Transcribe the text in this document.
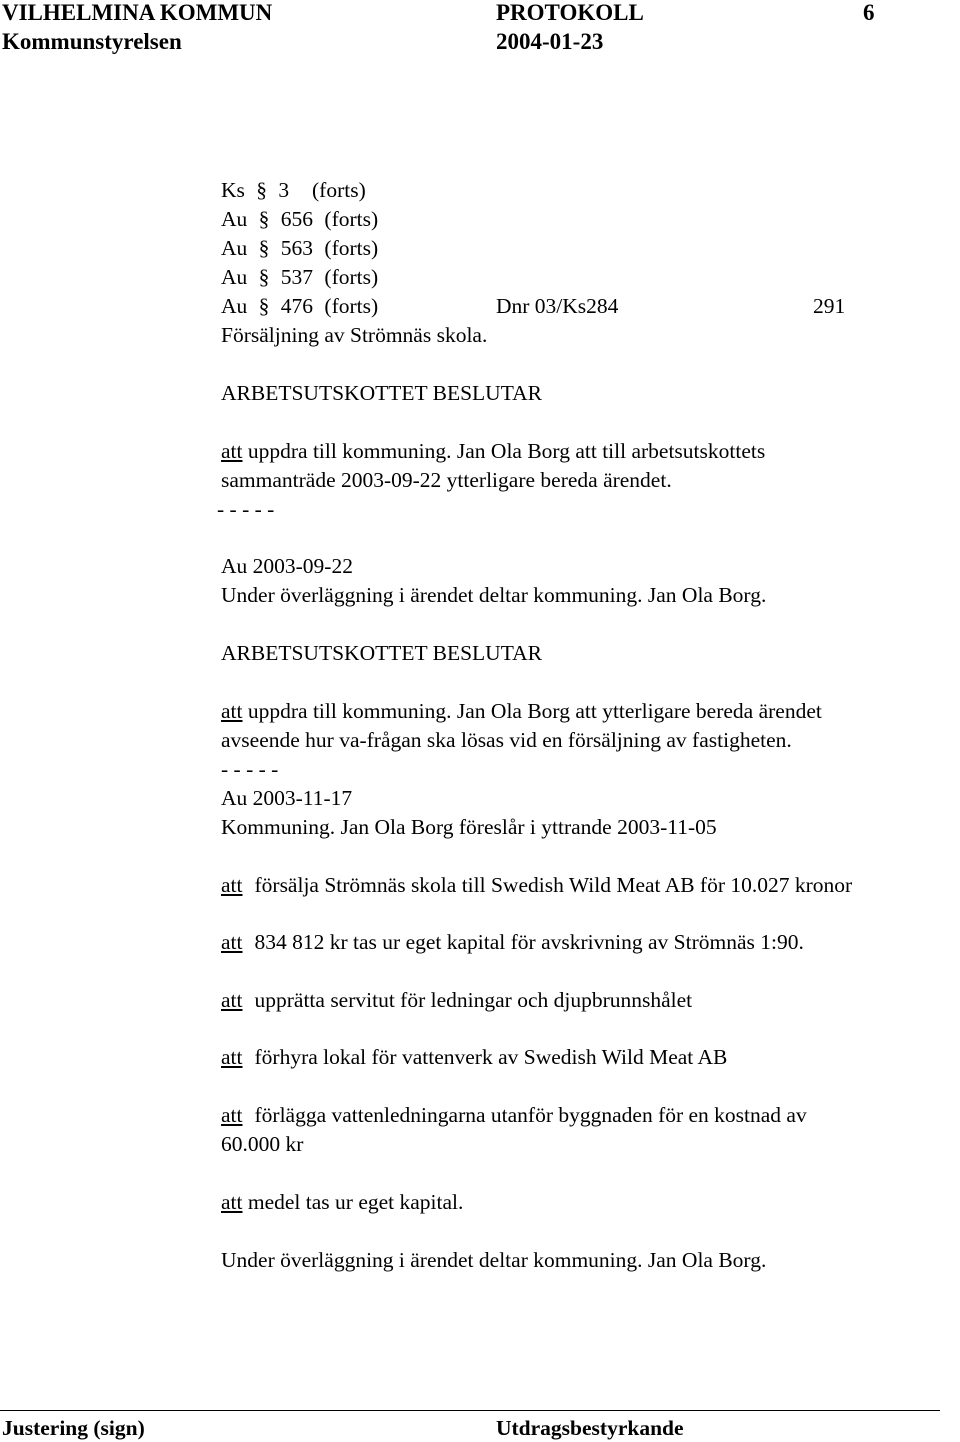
VILHELMINA KOMMUN	PROTOKOLL	6
Kommunstyrelsen	2004-01-23
Ks § 3 (forts)
Au § 656 (forts)
Au § 563 (forts)
Au § 537 (forts)
Au § 476 (forts)	Dnr 03/Ks284	291
Försäljning av Strömnäs skola.
ARBETSUTSKOTTET BESLUTAR
att uppdra till kommuning. Jan Ola Borg att till arbetsutskottets
sammanträde 2003-09-22 ytterligare bereda ärendet.
- - - - -
Au 2003-09-22
Under överläggning i ärendet deltar kommuning. Jan Ola Borg.
ARBETSUTSKOTTET BESLUTAR
att uppdra till kommuning. Jan Ola Borg att ytterligare bereda ärendet
avseende hur va-frågan ska lösas vid en försäljning av fastigheten.
- - - - -
Au 2003-11-17
Kommuning. Jan Ola Borg föreslår i yttrande 2003-11-05
att försälja Strömnäs skola till Swedish Wild Meat AB för 10.027 kronor
att 834 812 kr tas ur eget kapital för avskrivning av Strömnäs 1:90.
att upprätta servitut för ledningar och djupbrunnshålet
att förhyra lokal för vattenverk av Swedish Wild Meat AB
att förlägga vattenledningarna utanför byggnaden för en kostnad av
60.000 kr
att medel tas ur eget kapital.
Under överläggning i ärendet deltar kommuning. Jan Ola Borg.
Justering (sign)	Utdragsbestyrkande
